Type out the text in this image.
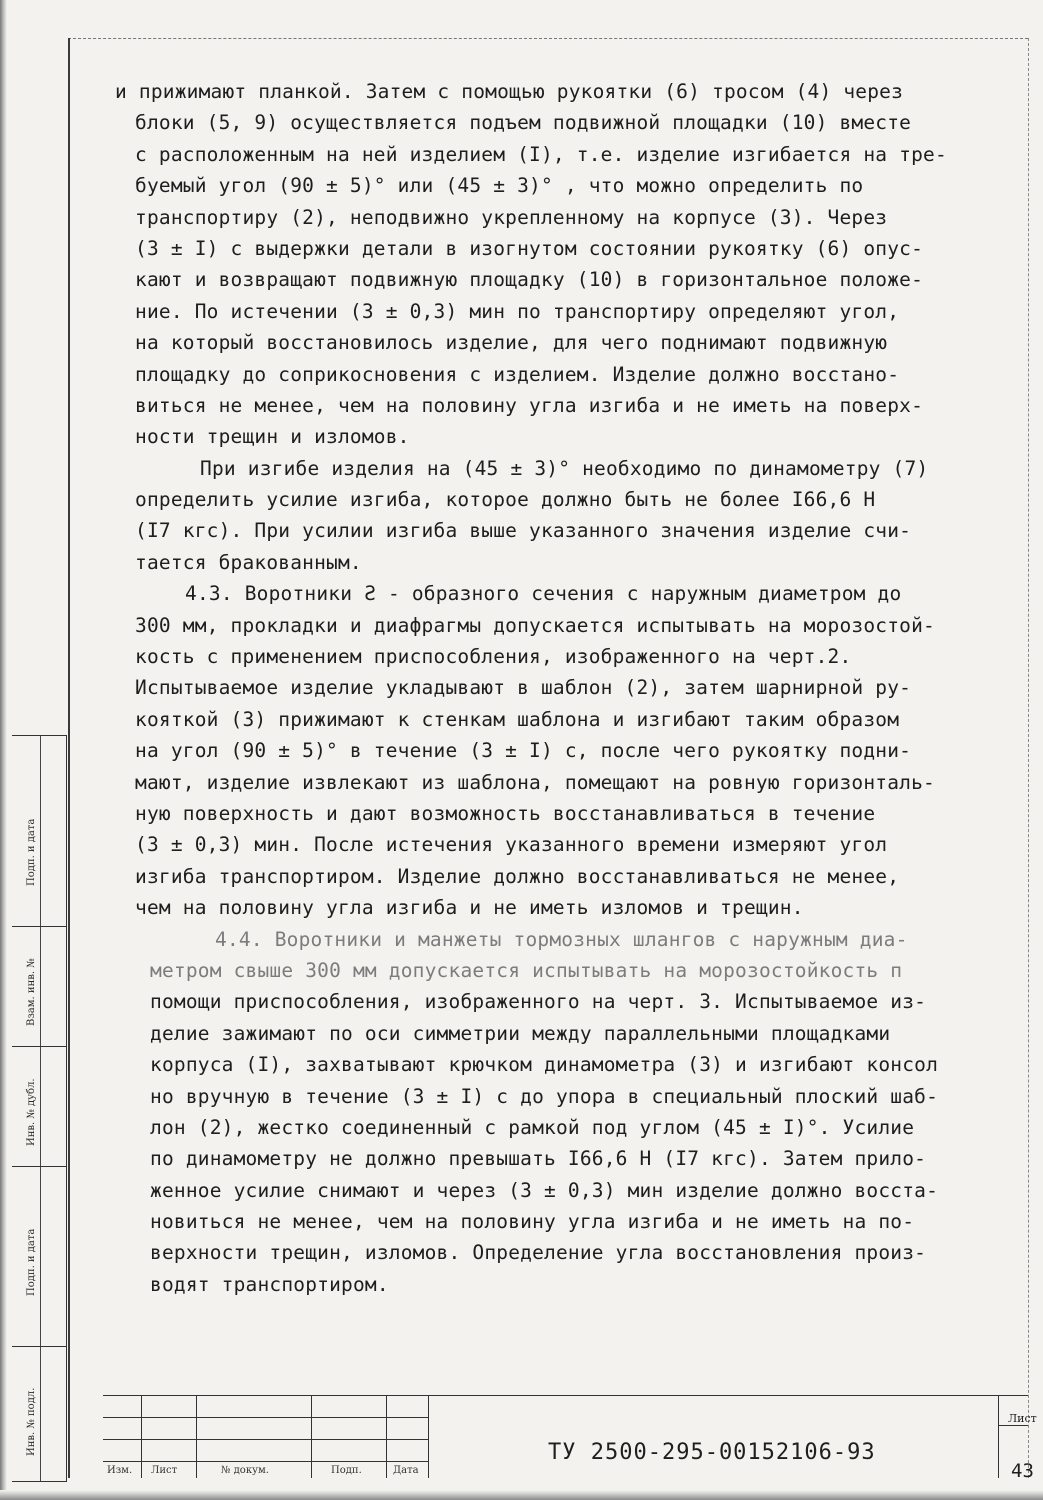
и прижимают планкой. Затем с помощью рукоятки (6) тросом (4) через
блоки (5, 9) осуществляется подъем подвижной площадки (10) вместе
с расположенным на ней изделием (I), т.е. изделие изгибается на тре-
буемый угол (90 ± 5)° или (45 ± 3)° , что можно определить по
транспортиру (2), неподвижно укрепленному на корпусе (3). Через
(3 ± I) с выдержки детали в изогнутом состоянии рукоятку (6) опус-
кают и возвращают подвижную площадку (10) в горизонтальное положе-
ние. По истечении (3 ± 0,3) мин по транспортиру определяют угол,
на который восстановилось изделие, для чего поднимают подвижную
площадку до соприкосновения с изделием. Изделие должно восстано-
виться не менее, чем на половину угла изгиба и не иметь на поверх-
ности трещин и изломов.
При изгибе изделия на (45 ± 3)° необходимо по динамометру (7)
определить усилие изгиба, которое должно быть не более I66,6 Н
(I7 кгс). При усилии изгиба выше указанного значения изделие счи-
тается бракованным.
4.3. Воротники Ƨ - образного сечения с наружным диаметром до
300 мм, прокладки и диафрагмы допускается испытывать на морозостой-
кость с применением приспособления, изображенного на черт.2.
Испытываемое изделие укладывают в шаблон (2), затем шарнирной ру-
кояткой (3) прижимают к стенкам шаблона и изгибают таким образом
на угол (90 ± 5)° в течение (3 ± I) с, после чего рукоятку подни-
мают, изделие извлекают из шаблона, помещают на ровную горизонталь-
ную поверхность и дают возможность восстанавливаться в течение
(3 ± 0,3) мин. После истечения указанного времени измеряют угол
изгиба транспортиром. Изделие должно восстанавливаться не менее,
чем на половину угла изгиба и не иметь изломов и трещин.
4.4. Воротники и манжеты тормозных шлангов с наружным диа-
метром свыше 300 мм допускается испытывать на морозостойкость п
помощи приспособления, изображенного на черт. 3. Испытываемое из-
делие зажимают по оси симметрии между параллельными площадками
корпуса (I), захватывают крючком динамометра (3) и изгибают консол
но вручную в течение (3 ± I) с до упора в специальный плоский шаб-
лон (2), жестко соединенный с рамкой под углом (45 ± I)°. Усилие
по динамометру не должно превышать I66,6 Н (I7 кгс). Затем прило-
женное усилие снимают и через (3 ± 0,3) мин изделие должно восста-
новиться не менее, чем на половину угла изгиба и не иметь на по-
верхности трещин, изломов. Определение угла восстановления произ-
водят транспортиром.
Подп. и дата
Взам. инв. №
Инв. № дубл.
Подп. и дата
Инв. № подл.
Изм. Лист	№ докум.	Подп.	Дата
ТУ 2500-295-00152106-93
Лист
43
